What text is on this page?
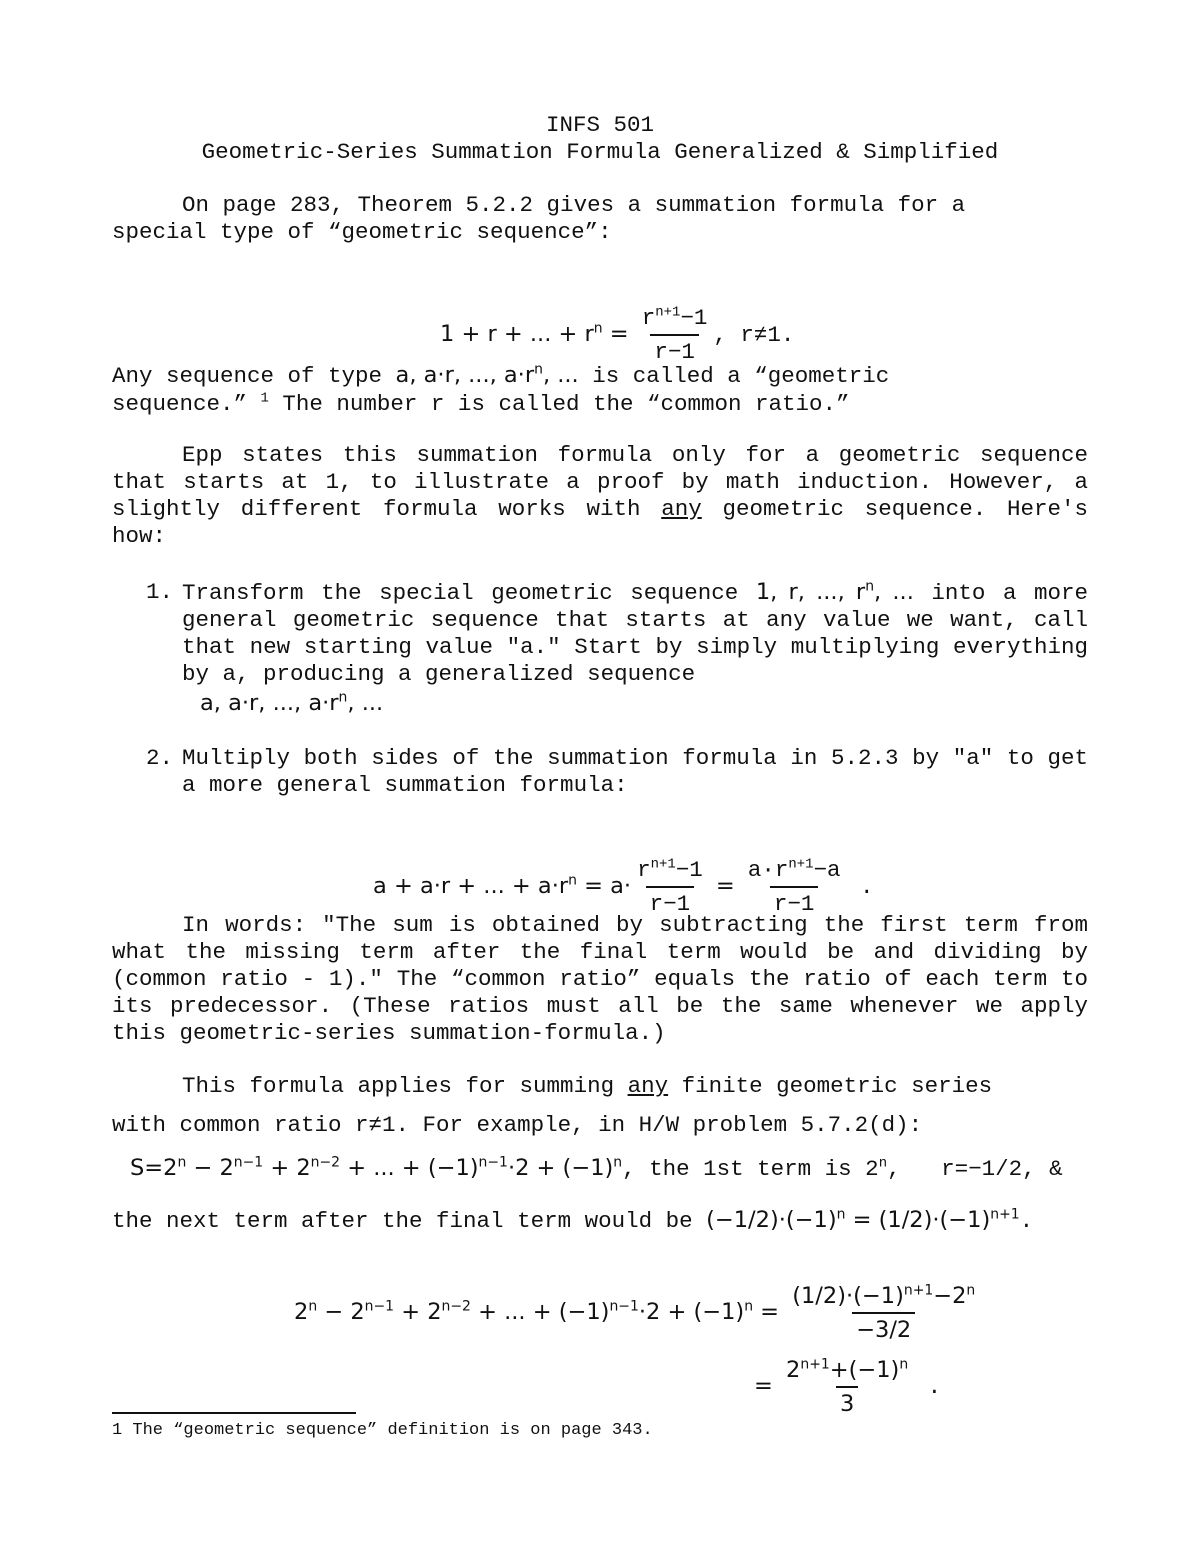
INFS 501
Geometric-Series Summation Formula Generalized & Simplified
On page 283, Theorem 5.2.2 gives a summation formula for a
special type of “geometric sequence”:

1 + r + ... + $r^n = \frac{r^{n+1}-1}{r-1}$ , r≠1.

Any sequence of type a, a·r, ..., $a\cdot r^n$, ... is called a “geometric
sequence.” $^1$ The number r is called the “common ratio.”
Epp states this summation formula only for a geometric sequence that starts at 1, to illustrate a proof by math induction. However, a slightly different formula works with any geometric sequence. Here's how:
1. Transform the special geometric sequence 1, r, ..., $r^n$, ... into a more general geometric sequence that starts at any value we want, call that new starting value "a." Start by simply multiplying everything by a, producing a generalized sequence
a, a·r, ..., $a\cdot r^n$, ...
2. Multiply both sides of the summation formula in 5.2.3 by "a" to get a more general summation formula:

a + a·r + ... + $a\cdot r^n = a\cdot \frac{r^{n+1}-1}{r-1} = \frac{a\cdot r^{n+1}-a}{r-1}$ .

In words: "The sum is obtained by subtracting the first term from what the missing term after the final term would be and dividing by (common ratio - 1)." The “common ratio” equals the ratio of each term to its predecessor. (These ratios must all be the same whenever we apply this geometric-series summation-formula.)
This formula applies for summing any finite geometric series
with common ratio r≠1. For example, in H/W problem 5.7.2(d):
$S=2^n - 2^{n-1} + 2^{n-2}$ + ... + $(-1)^{n-1}\cdot 2 + (-1)^n$, the 1st term is 2$^n$,   r=−1/2, &
the next term after the final term would be $(-1/2)\cdot(-1)^n = (1/2)\cdot(-1)^{n+1}$.

$2^n - 2^{n-1} + 2^{n-2}$ + ... + $(-1)^{n-1}\cdot 2 + (-1)^n = \frac{(1/2)\cdot(-1)^{n+1}-2^n}{-3/2}$

= $\frac{2^{n+1}+(-1)^n}{3}$ .

1 The “geometric sequence” definition is on page 343.
